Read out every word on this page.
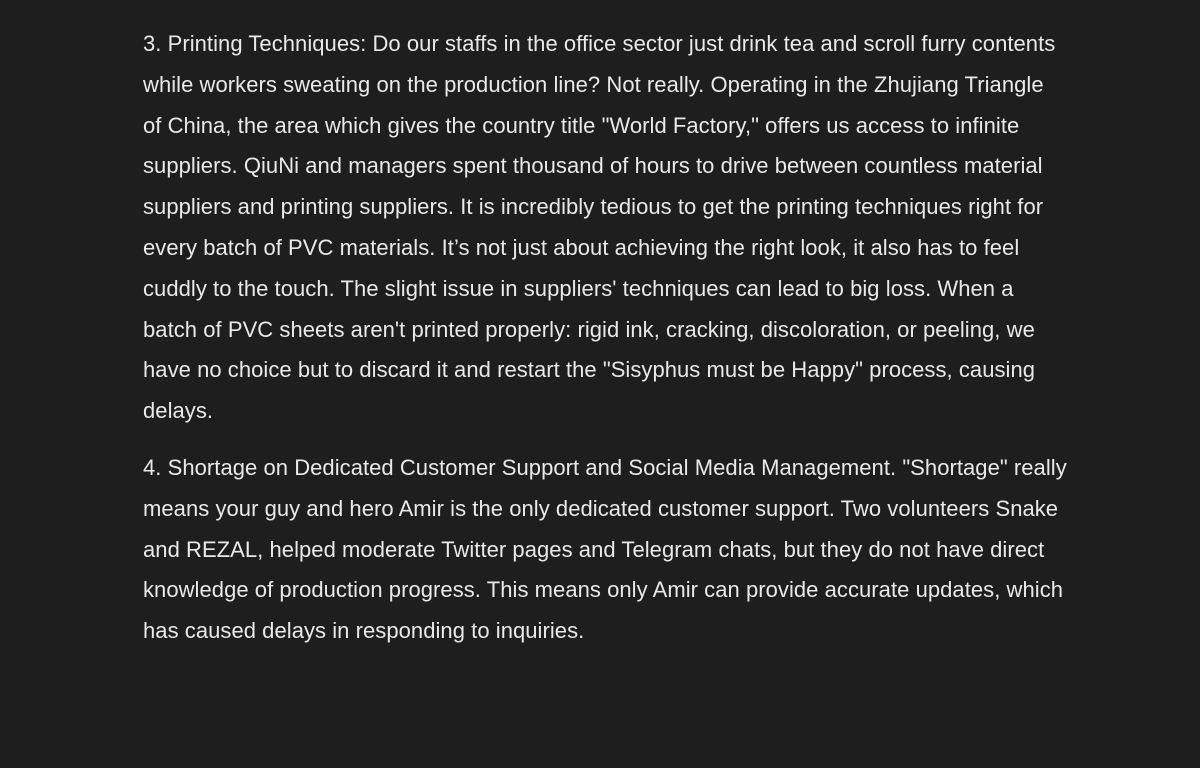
3. Printing Techniques: Do our staffs in the office sector just drink tea and scroll furry contents while workers sweating on the production line? Not really. Operating in the Zhujiang Triangle of China, the area which gives the country title "World Factory," offers us access to infinite suppliers. QiuNi and managers spent thousand of hours to drive between countless material suppliers and printing suppliers. It is incredibly tedious to get the printing techniques right for every batch of PVC materials. It’s not just about achieving the right look, it also has to feel cuddly to the touch. The slight issue in suppliers' techniques can lead to big loss. When a batch of PVC sheets aren't printed properly: rigid ink, cracking, discoloration, or peeling, we have no choice but to discard it and restart the "Sisyphus must be Happy" process, causing delays.

4. Shortage on Dedicated Customer Support and Social Media Management. "Shortage" really means your guy and hero Amir is the only dedicated customer support. Two volunteers Snake and REZAL, helped moderate Twitter pages and Telegram chats, but they do not have direct knowledge of production progress. This means only Amir can provide accurate updates, which has caused delays in responding to inquiries.
